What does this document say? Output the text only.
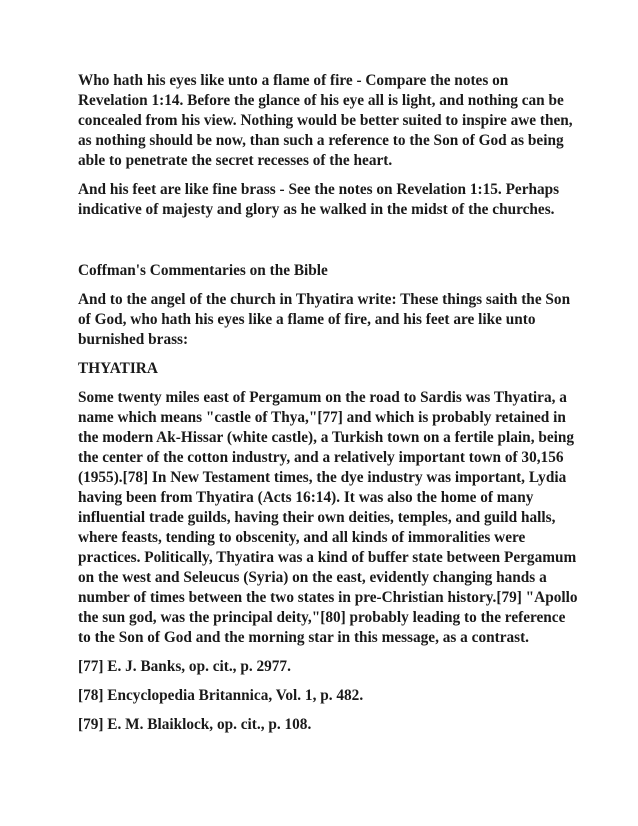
Who hath his eyes like unto a flame of fire - Compare the notes on Revelation 1:14. Before the glance of his eye all is light, and nothing can be concealed from his view. Nothing would be better suited to inspire awe then, as nothing should be now, than such a reference to the Son of God as being able to penetrate the secret recesses of the heart.

And his feet are like fine brass - See the notes on Revelation 1:15. Perhaps indicative of majesty and glory as he walked in the midst of the churches.

Coffman's Commentaries on the Bible

And to the angel of the church in Thyatira write: These things saith the Son of God, who hath his eyes like a flame of fire, and his feet are like unto burnished brass:

THYATIRA

Some twenty miles east of Pergamum on the road to Sardis was Thyatira, a name which means "castle of Thya,"[77] and which is probably retained in the modern Ak-Hissar (white castle), a Turkish town on a fertile plain, being the center of the cotton industry, and a relatively important town of 30,156 (1955).[78] In New Testament times, the dye industry was important, Lydia having been from Thyatira (Acts 16:14). It was also the home of many influential trade guilds, having their own deities, temples, and guild halls, where feasts, tending to obscenity, and all kinds of immoralities were practices. Politically, Thyatira was a kind of buffer state between Pergamum on the west and Seleucus (Syria) on the east, evidently changing hands a number of times between the two states in pre-Christian history.[79] "Apollo the sun god, was the principal deity,"[80] probably leading to the reference to the Son of God and the morning star in this message, as a contrast.

[77] E. J. Banks, op. cit., p. 2977.

[78] Encyclopedia Britannica, Vol. 1, p. 482.

[79] E. M. Blaiklock, op. cit., p. 108.
